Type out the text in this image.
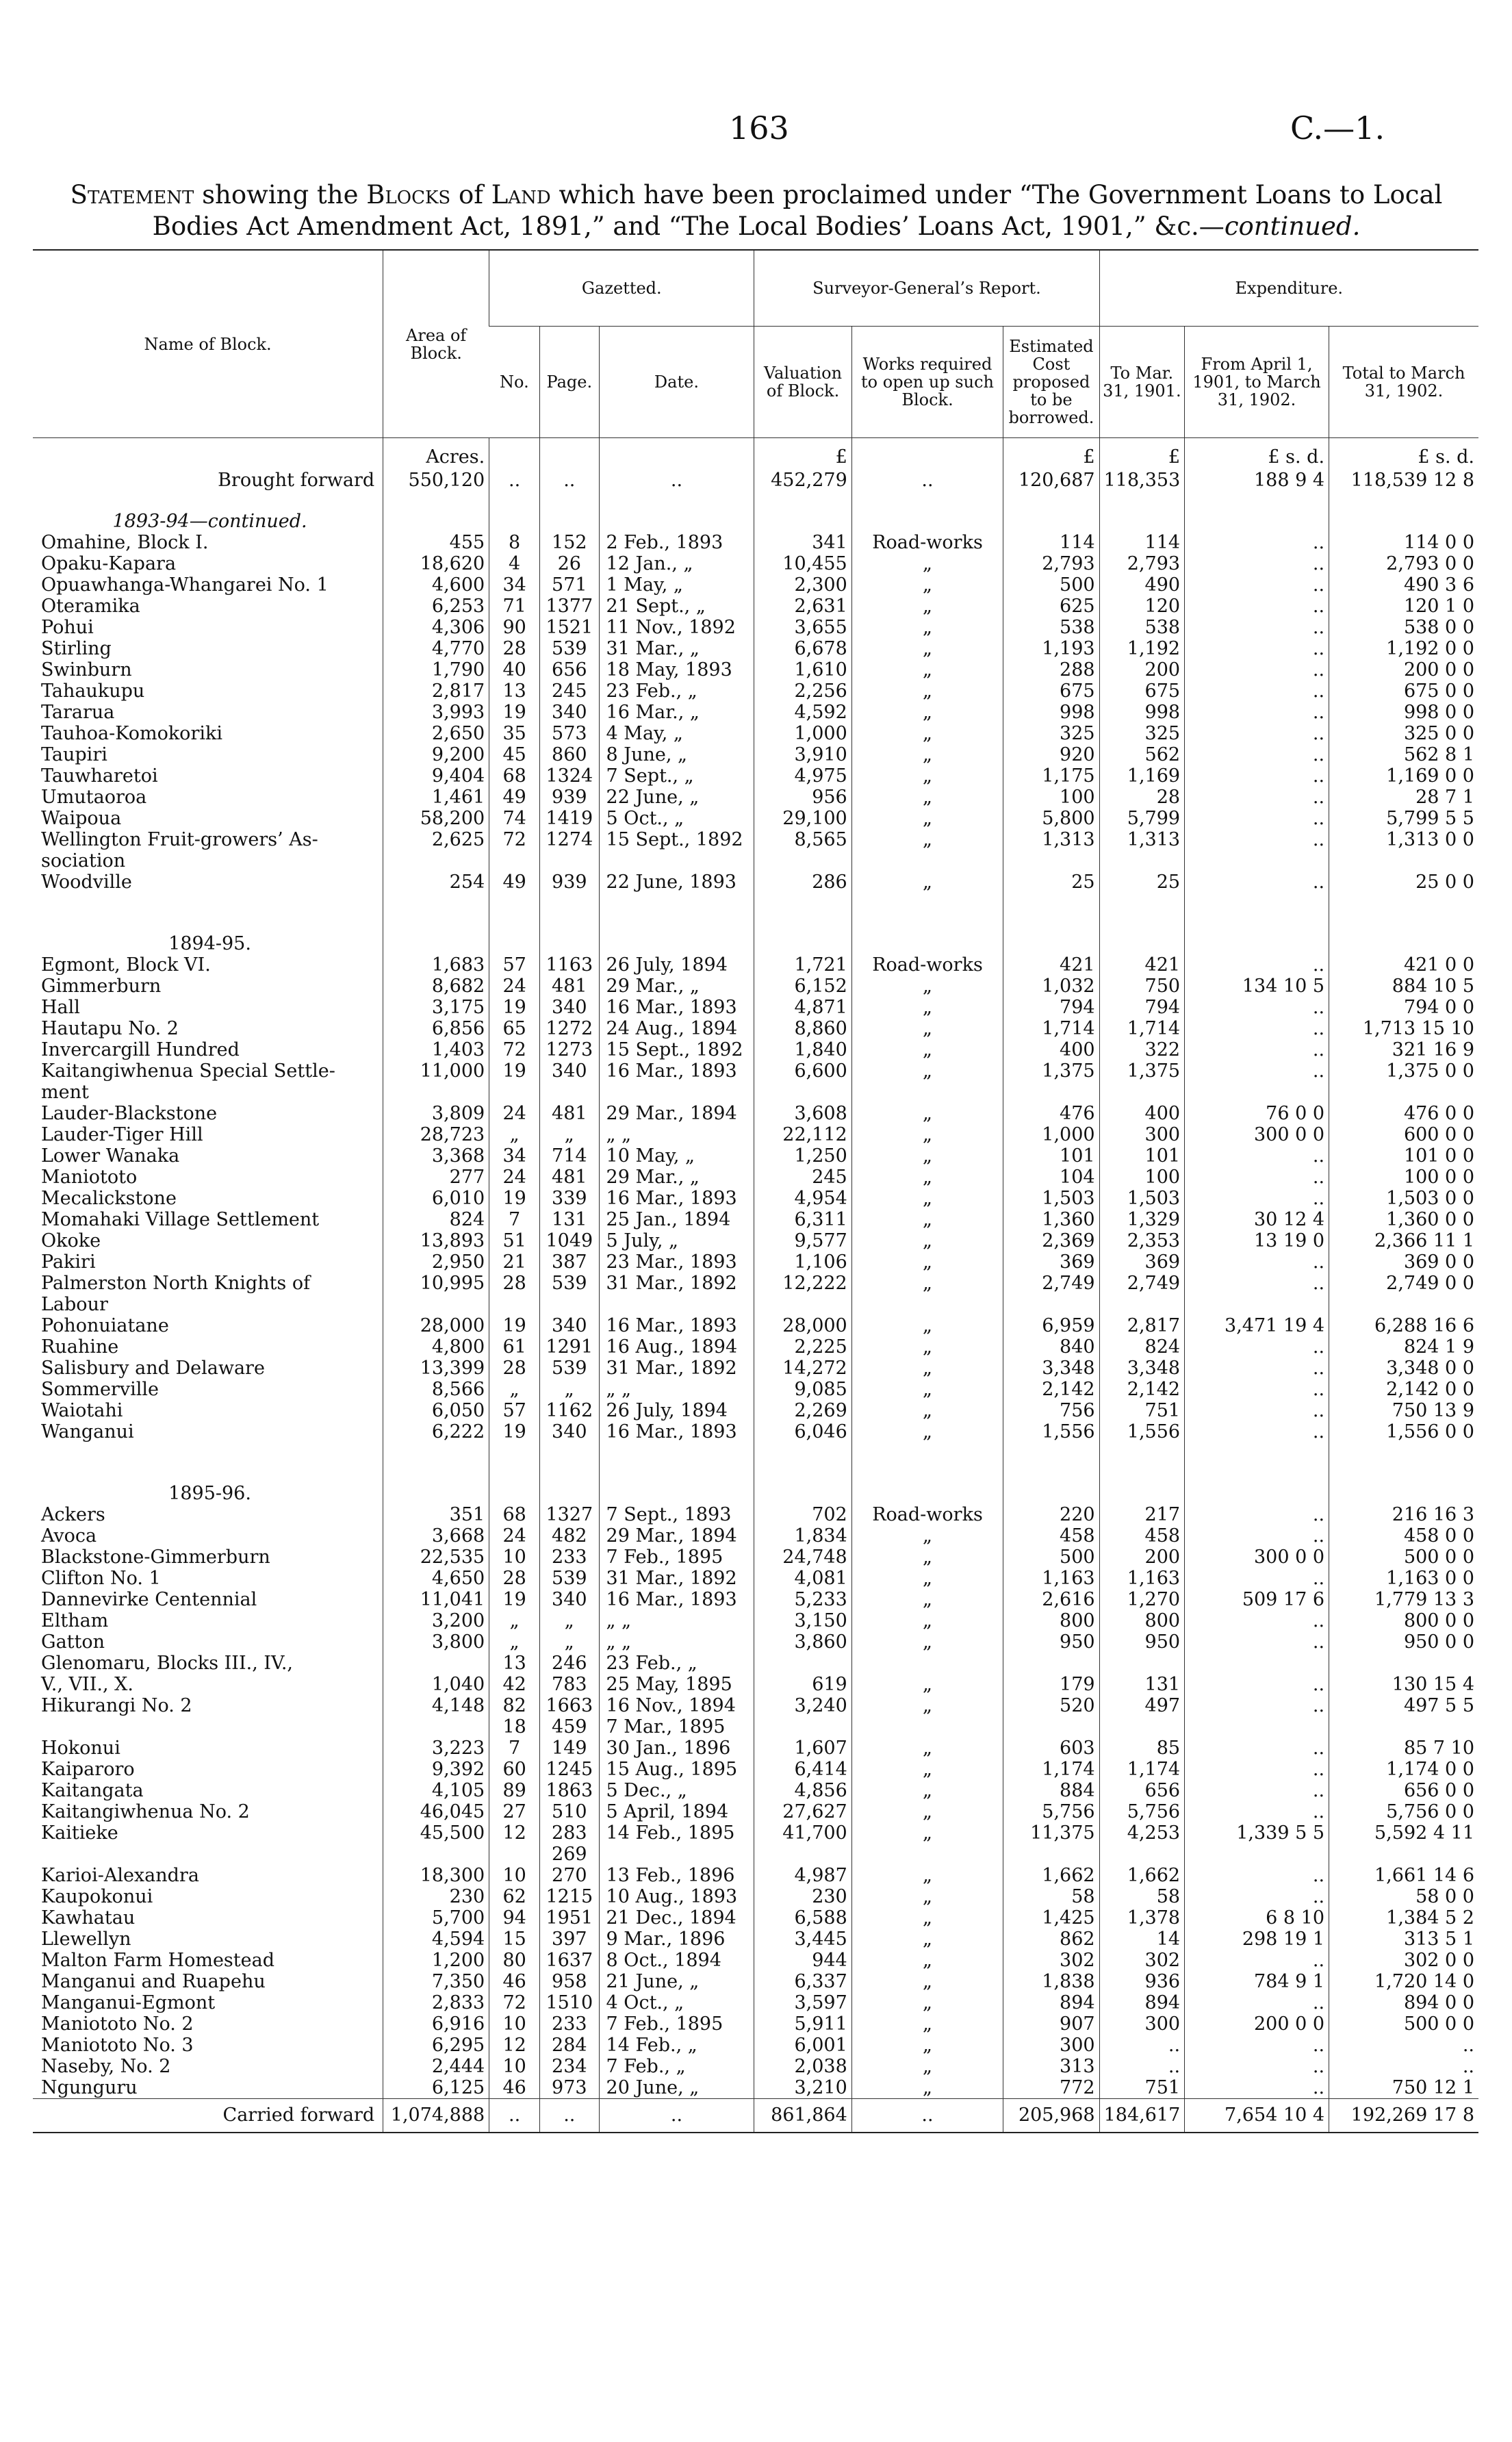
163	C.—1.
Statement showing the Blocks of Land which have been proclaimed under “The Government Loans to Local Bodies Act Amendment Act, 1891,” and “The Local Bodies’ Loans Act, 1901,” &c.—continued.
Name of Block.	Area of Block.	Gazetted.			Surveyor-General’s Report.			Expenditure.		
		No.	Page.	Date.	Valuation of Block.	Works required to open up such Block.	Estimated Cost proposed to be borrowed.	To Mar. 31, 1901.	From April 1, 1901, to March 31, 1902.	Total to March 31, 1902.
	Acres.				£		£	£	£ s. d.	£ s. d.
Brought forward	550,120	..	..	..	452,279	..	120,687	118,353	188 9 4	118,539 12 8
1893-94—continued.										
Omahine, Block I.	455	8	152	2 Feb., 1893	341	Road-works	114	114	..	114 0 0
Opaku-Kapara	18,620	4	26	12 Jan., „	10,455	„	2,793	2,793	..	2,793 0 0
Opuawhanga-Whangarei No. 1	4,600	34	571	1 May, „	2,300	„	500	490	..	490 3 6
Oteramika	6,253	71	1377	21 Sept., „	2,631	„	625	120	..	120 1 0
Pohui	4,306	90	1521	11 Nov., 1892	3,655	„	538	538	..	538 0 0
Stirling	4,770	28	539	31 Mar., „	6,678	„	1,193	1,192	..	1,192 0 0
Swinburn	1,790	40	656	18 May, 1893	1,610	„	288	200	..	200 0 0
Tahaukupu	2,817	13	245	23 Feb., „	2,256	„	675	675	..	675 0 0
Tararua	3,993	19	340	16 Mar., „	4,592	„	998	998	..	998 0 0
Tauhoa-Komokoriki	2,650	35	573	4 May, „	1,000	„	325	325	..	325 0 0
Taupiri	9,200	45	860	8 June, „	3,910	„	920	562	..	562 8 1
Tauwharetoi	9,404	68	1324	7 Sept., „	4,975	„	1,175	1,169	..	1,169 0 0
Umutaoroa	1,461	49	939	22 June, „	956	„	100	28	..	28 7 1
Waipoua	58,200	74	1419	5 Oct., „	29,100	„	5,800	5,799	..	5,799 5 5
Wellington Fruit-growers’ As-	2,625	72	1274	15 Sept., 1892	8,565	„	1,313	1,313	..	1,313 0 0
sociation										
Woodville	254	49	939	22 June, 1893	286	„	25	25	..	25 0 0

1894-95.										
Egmont, Block VI.	1,683	57	1163	26 July, 1894	1,721	Road-works	421	421	..	421 0 0
Gimmerburn	8,682	24	481	29 Mar., „	6,152	„	1,032	750	134 10 5	884 10 5
Hall	3,175	19	340	16 Mar., 1893	4,871	„	794	794	..	794 0 0
Hautapu No. 2	6,856	65	1272	24 Aug., 1894	8,860	„	1,714	1,714	..	1,713 15 10
Invercargill Hundred	1,403	72	1273	15 Sept., 1892	1,840	„	400	322	..	321 16 9
Kaitangiwhenua Special Settle-	11,000	19	340	16 Mar., 1893	6,600	„	1,375	1,375	..	1,375 0 0
ment										
Lauder-Blackstone	3,809	24	481	29 Mar., 1894	3,608	„	476	400	76 0 0	476 0 0
Lauder-Tiger Hill	28,723	„	„	„ „	22,112	„	1,000	300	300 0 0	600 0 0
Lower Wanaka	3,368	34	714	10 May, „	1,250	„	101	101	..	101 0 0
Maniototo	277	24	481	29 Mar., „	245	„	104	100	..	100 0 0
Mecalickstone	6,010	19	339	16 Mar., 1893	4,954	„	1,503	1,503	..	1,503 0 0
Momahaki Village Settlement	824	7	131	25 Jan., 1894	6,311	„	1,360	1,329	30 12 4	1,360 0 0
Okoke	13,893	51	1049	5 July, „	9,577	„	2,369	2,353	13 19 0	2,366 11 1
Pakiri	2,950	21	387	23 Mar., 1893	1,106	„	369	369	..	369 0 0
Palmerston North Knights of	10,995	28	539	31 Mar., 1892	12,222	„	2,749	2,749	..	2,749 0 0
Labour										
Pohonuiatane	28,000	19	340	16 Mar., 1893	28,000	„	6,959	2,817	3,471 19 4	6,288 16 6
Ruahine	4,800	61	1291	16 Aug., 1894	2,225	„	840	824	..	824 1 9
Salisbury and Delaware	13,399	28	539	31 Mar., 1892	14,272	„	3,348	3,348	..	3,348 0 0
Sommerville	8,566	„	„	„ „	9,085	„	2,142	2,142	..	2,142 0 0
Waiotahi	6,050	57	1162	26 July, 1894	2,269	„	756	751	..	750 13 9
Wanganui	6,222	19	340	16 Mar., 1893	6,046	„	1,556	1,556	..	1,556 0 0

1895-96.										
Ackers	351	68	1327	7 Sept., 1893	702	Road-works	220	217	..	216 16 3
Avoca	3,668	24	482	29 Mar., 1894	1,834	„	458	458	..	458 0 0
Blackstone-Gimmerburn	22,535	10	233	7 Feb., 1895	24,748	„	500	200	300 0 0	500 0 0
Clifton No. 1	4,650	28	539	31 Mar., 1892	4,081	„	1,163	1,163	..	1,163 0 0
Dannevirke Centennial	11,041	19	340	16 Mar., 1893	5,233	„	2,616	1,270	509 17 6	1,779 13 3
Eltham	3,200	„	„	„ „	3,150	„	800	800	..	800 0 0
Gatton	3,800	„	„	„ „	3,860	„	950	950	..	950 0 0
Glenomaru, Blocks III., IV.,		13	246	23 Feb., „						
V., VII., X.	1,040	42	783	25 May, 1895	619	„	179	131	..	130 15 4
Hikurangi No. 2	4,148	82	1663	16 Nov., 1894	3,240	„	520	497	..	497 5 5
		18	459	7 Mar., 1895						
Hokonui	3,223	7	149	30 Jan., 1896	1,607	„	603	85	..	85 7 10
Kaiparoro	9,392	60	1245	15 Aug., 1895	6,414	„	1,174	1,174	..	1,174 0 0
Kaitangata	4,105	89	1863	5 Dec., „	4,856	„	884	656	..	656 0 0
Kaitangiwhenua No. 2	46,045	27	510	5 April, 1894	27,627	„	5,756	5,756	..	5,756 0 0
Kaitieke	45,500	12	283	14 Feb., 1895	41,700	„	11,375	4,253	1,339 5 5	5,592 4 11
			269							
Karioi-Alexandra	18,300	10	270	13 Feb., 1896	4,987	„	1,662	1,662	..	1,661 14 6
Kaupokonui	230	62	1215	10 Aug., 1893	230	„	58	58	..	58 0 0
Kawhatau	5,700	94	1951	21 Dec., 1894	6,588	„	1,425	1,378	6 8 10	1,384 5 2
Llewellyn	4,594	15	397	9 Mar., 1896	3,445	„	862	14	298 19 1	313 5 1
Malton Farm Homestead	1,200	80	1637	8 Oct., 1894	944	„	302	302	..	302 0 0
Manganui and Ruapehu	7,350	46	958	21 June, „	6,337	„	1,838	936	784 9 1	1,720 14 0
Manganui-Egmont	2,833	72	1510	4 Oct., „	3,597	„	894	894	..	894 0 0
Maniototo No. 2	6,916	10	233	7 Feb., 1895	5,911	„	907	300	200 0 0	500 0 0
Maniototo No. 3	6,295	12	284	14 Feb., „	6,001	„	300	..	..	..
Naseby, No. 2	2,444	10	234	7 Feb., „	2,038	„	313	..	..	..
Ngunguru	6,125	46	973	20 June, „	3,210	„	772	751	..	750 12 1
Carried forward	1,074,888	..	..	..	861,864	..	205,968	184,617	7,654 10 4	192,269 17 8
